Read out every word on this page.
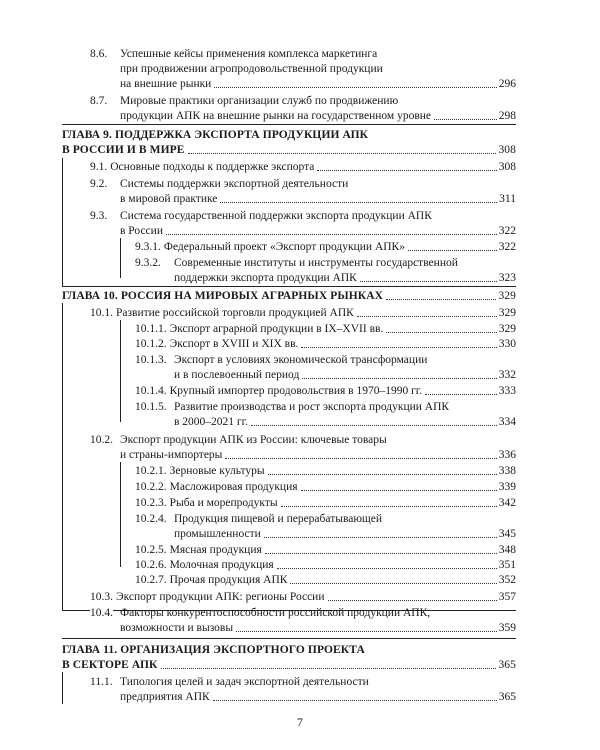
8.6. Успешные кейсы применения комплекса маркетинга
при продвижении агропродовольственной продукции
на внешние рынки	296
8.7. Мировые практики организации служб по продвижению
продукции АПК на внешние рынки на государственном уровне	298
ГЛАВА 9. ПОДДЕРЖКА ЭКСПОРТА ПРОДУКЦИИ АПК
В РОССИИ И В МИРЕ	308
9.1. Основные подходы к поддержке экспорта	308
9.2. Системы поддержки экспортной деятельности
в мировой практике	311
9.3. Система государственной поддержки экспорта продукции АПК
в России	322
9.3.1. Федеральный проект «Экспорт продукции АПК»	322
9.3.2. Современные институты и инструменты государственной
поддержки экспорта продукции АПК	323
ГЛАВА 10. РОССИЯ НА МИРОВЫХ АГРАРНЫХ РЫНКАХ	329
10.1. Развитие российской торговли продукцией АПК	329
10.1.1. Экспорт аграрной продукции в IX–XVII вв.	329
10.1.2. Экспорт в XVIII и XIX вв.	330
10.1.3. Экспорт в условиях экономической трансформации
и в послевоенный период	332
10.1.4. Крупный импортер продовольствия в 1970–1990 гг.	333
10.1.5. Развитие производства и рост экспорта продукции АПК
в 2000–2021 гг.	334
10.2. Экспорт продукции АПК из России: ключевые товары
и страны-импортеры	336
10.2.1. Зерновые культуры	338
10.2.2. Масложировая продукция	339
10.2.3. Рыба и морепродукты	342
10.2.4. Продукция пищевой и перерабатывающей
промышленности	345
10.2.5. Мясная продукция	348
10.2.6. Молочная продукция	351
10.2.7. Прочая продукция АПК	352
10.3. Экспорт продукции АПК: регионы России	357
10.4. Факторы конкурентоспособности российской продукции АПК,
возможности и вызовы	359
ГЛАВА 11. ОРГАНИЗАЦИЯ ЭКСПОРТНОГО ПРОЕКТА
В СЕКТОРЕ АПК	365
11.1. Типология целей и задач экспортной деятельности
предприятия АПК	365
7
